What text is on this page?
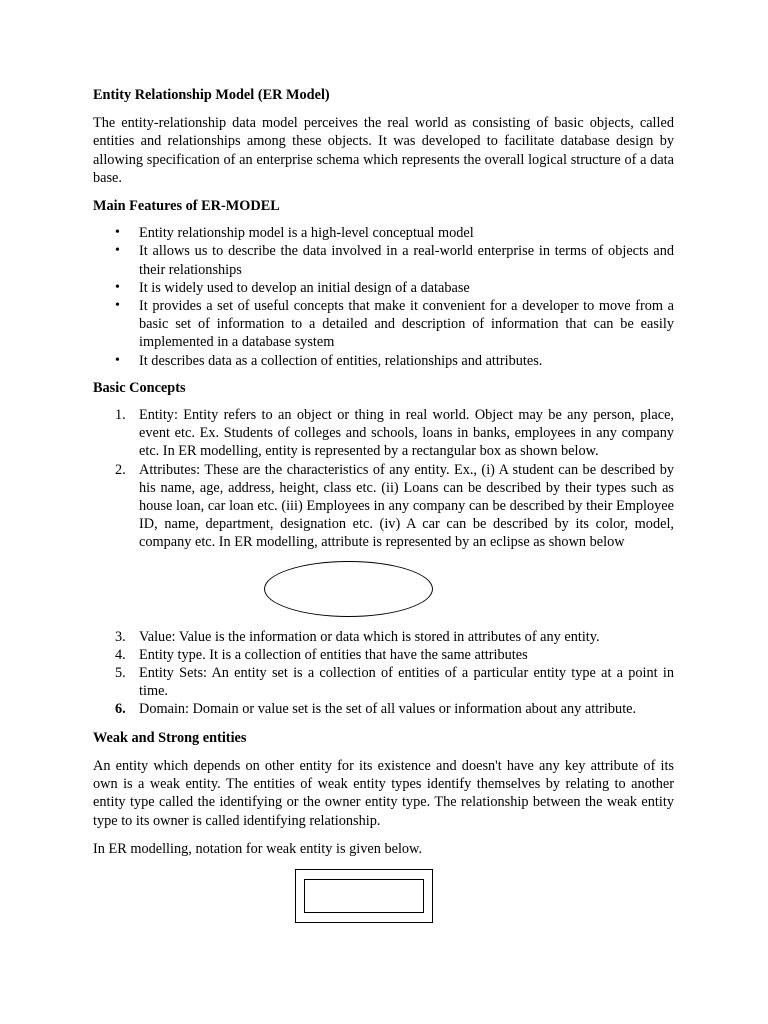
Entity Relationship Model (ER Model)

The entity-relationship data model perceives the real world as consisting of basic objects, called entities and relationships among these objects. It was developed to facilitate database design by allowing specification of an enterprise schema which represents the overall logical structure of a data base.

Main Features of ER-MODEL
• Entity relationship model is a high-level conceptual model
• It allows us to describe the data involved in a real-world enterprise in terms of objects and their relationships
• It is widely used to develop an initial design of a database
• It provides a set of useful concepts that make it convenient for a developer to move from a basic set of information to a detailed and description of information that can be easily implemented in a database system
• It describes data as a collection of entities, relationships and attributes.
Basic Concepts
1. Entity: Entity refers to an object or thing in real world. Object may be any person, place, event etc. Ex. Students of colleges and schools, loans in banks, employees in any company etc. In ER modelling, entity is represented by a rectangular box as shown below.
2. Attributes: These are the characteristics of any entity. Ex., (i) A student can be described by his name, age, address, height, class etc. (ii) Loans can be described by their types such as house loan, car loan etc. (iii) Employees in any company can be described by their Employee ID, name, department, designation etc. (iv) A car can be described by its color, model, company etc. In ER modelling, attribute is represented by an eclipse as shown below
3. Value: Value is the information or data which is stored in attributes of any entity.
4. Entity type. It is a collection of entities that have the same attributes
5. Entity Sets: An entity set is a collection of entities of a particular entity type at a point in time.
6. Domain: Domain or value set is the set of all values or information about any attribute.
Weak and Strong entities

An entity which depends on other entity for its existence and doesn't have any key attribute of its own is a weak entity. The entities of weak entity types identify themselves by relating to another entity type called the identifying or the owner entity type. The relationship between the weak entity type to its owner is called identifying relationship.

In ER modelling, notation for weak entity is given below.
